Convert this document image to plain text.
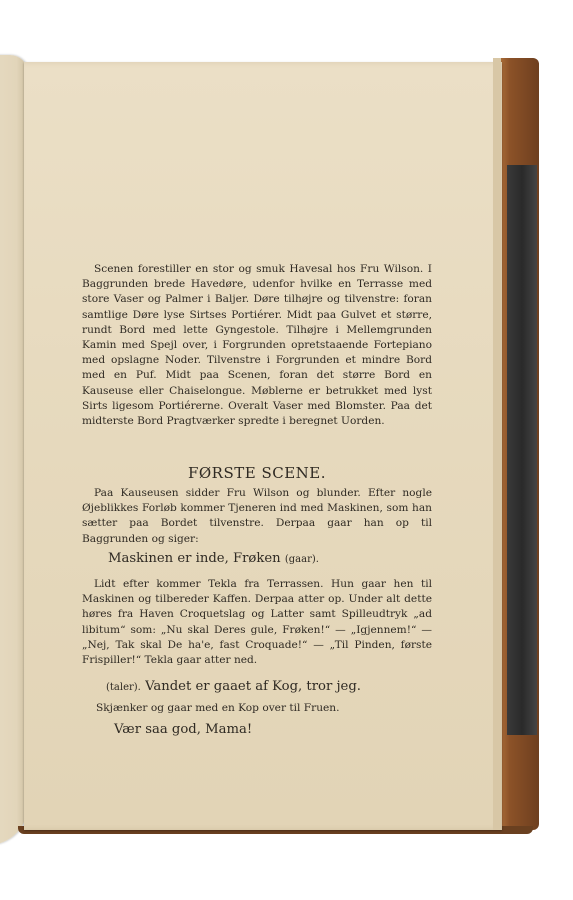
Scenen forestiller en stor og smuk Havesal hos Fru Wilson. I Baggrunden brede Havedøre, udenfor hvilke en Terrasse med store Vaser og Palmer i Baljer. Døre tilhøjre og tilvenstre: foran samtlige Døre lyse Sirtses Portiérer. Midt paa Gulvet et større, rundt Bord med lette Gyngestole. Tilhøjre i Mellemgrunden Kamin med Spejl over, i Forgrunden opretstaaende Fortepiano med opslagne Noder. Tilvenstre i Forgrunden et mindre Bord med en Puf. Midt paa Scenen, foran det større Bord en Kauseuse eller Chaiselongue. Møblerne er betrukket med lyst Sirts ligesom Portiérerne. Overalt Vaser med Blomster. Paa det midterste Bord Pragtværker spredte i beregnet Uorden.
FØRSTE SCENE.
Paa Kauseusen sidder Fru Wilson og blunder. Efter nogle Øjeblikkes Forløb kommer Tjeneren ind med Maskinen, som han sætter paa Bordet tilvenstre. Derpaa gaar han op til Baggrunden og siger:
Maskinen er inde, Frøken (gaar).
Lidt efter kommer Tekla fra Terrassen. Hun gaar hen til Maskinen og tilbereder Kaffen. Derpaa atter op. Under alt dette høres fra Haven Croquetslag og Latter samt Spilleudtryk „ad libitum“ som: „Nu skal Deres gule, Frøken!“ — „Igjennem!“ — „Nej, Tak skal De ha'e, fast Croquade!“ — „Til Pinden, første Frispiller!“ Tekla gaar atter ned.
(taler). Vandet er gaaet af Kog, tror jeg.
Skjænker og gaar med en Kop over til Fruen.
Vær saa god, Mama!
